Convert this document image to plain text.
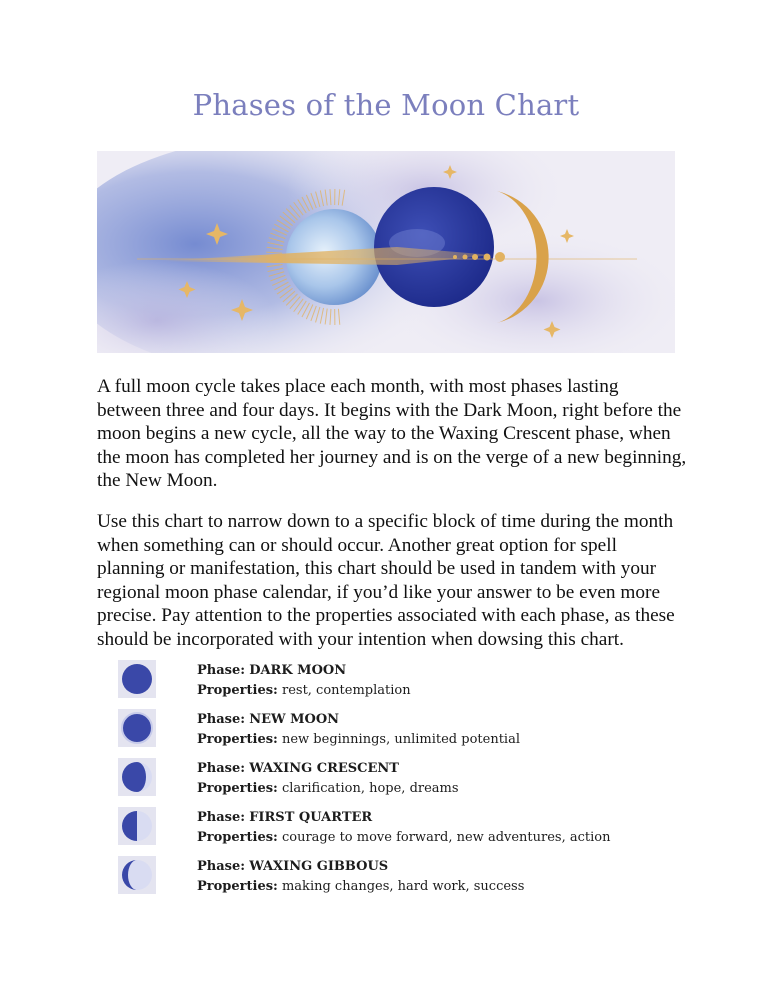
Phases of the Moon Chart

A full moon cycle takes place each month, with most phases lasting between three and four days. It begins with the Dark Moon, right before the moon begins a new cycle, all the way to the Waxing Crescent phase, when the moon has completed her journey and is on the verge of a new beginning, the New Moon.

Use this chart to narrow down to a specific block of time during the month when something can or should occur. Another great option for spell planning or manifestation, this chart should be used in tandem with your regional moon phase calendar, if you’d like your answer to be even more precise. Pay attention to the properties associated with each phase, as these should be incorporated with your intention when dowsing this chart.

Phase: DARK MOON
Properties: rest, contemplation
Phase: NEW MOON
Properties: new beginnings, unlimited potential
Phase: WAXING CRESCENT
Properties: clarification, hope, dreams
Phase: FIRST QUARTER
Properties: courage to move forward, new adventures, action
Phase: WAXING GIBBOUS
Properties: making changes, hard work, success
